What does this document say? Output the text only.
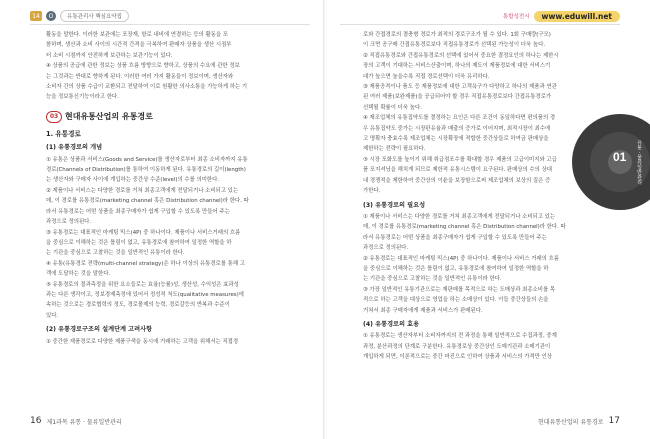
14	O	유통관리사 핵심요약집
활동을 말한다. 이러한 보관에는 포장재, 항로 내비에 연결하는 등의 활동을 포
함하며, 생산과 소비 사이의 시간적 간격을 극복하여 판매자 상품을 생산 시점부
터 소비 시점까지 안전하게 보관하는 보관기능이 있다.
④ 상품의 공급에 관한 정보는 상품 흐름 방향으로 향하고, 상품의 수요에 관한 정보
는 그것과는 반대로 향하게 된다. 이러한 여러 가지 활동들이 정보이며, 생산자와
소비자 간의 상품 수급이 교환되고 전달하여 이로 원활한 의사소통을 가능하게 하는 기
능을 정보통신기능이라고 한다.
03 현대유통산업의 유통경로
1. 유통경로
(1) 유통경로의 개념
① 유통은 상품과 서비스(Goods and Service)를 생산자로부터 최종 소비자까지 유통
경로(Channels of Distribution)를 통하여 이동하게 된다. 유통경로의 길이(length)
는 생산자와 구매자 사이에 개입하는 중간상 수준(level)의 수를 의미한다.
② 제품이나 서비스는 다양한 경로를 거쳐 최종고객에게 전달되거나 소비되고 있는
데, 이 경로를 유통경로(marketing channel 혹은 Distribution channel)라 한다. 따
라서 유통경로는 어떤 상품을 최종구매자가 쉽게 구입할 수 있도록 만들어 주는
과정으로 정의된다.
③ 유통경로는 대표적인 마케팅 믹스(4P) 중 하나이다. 제품이나 서비스거래의 흐름
을 중심으로 이해하는 것은 틀림이 없고, 유통경로에 참여하여 일정한 역할을 하
는 기관을 중심으로 고찰하는 것을 일반적인 유통이라 한다.
④ 유통(유통경로 전략(multi-channel strategy)은 하나 이상의 유통경로를 통해 고
객에 도달하는 것을 말한다.
⑤ 유통경로의 결과측정을 위한 요소들로는 효율(능률)성, 생산성, 수익성은 효과성
과는 다른 생각이고, 정보경제측정에 있어서 정성적 척도(qualitative measures)에
속하는 것으로는 경로협력의 정도, 경로몰제의 능력, 경로갈등의 반복과 수준이
있다.
(2) 유통경로구조의 설계단계 고려사항
① 중간한 제품경로로 다양한 제품구색을 동시에 거래하는 고객을 위해서는 직접경
16 제1과목 유통 · 물류일반관리
통합성전시	www.eduwill.net
로와 간접경로의 결충형 경로가 최적의 경로구조가 될 수 있다. 1회 구매량(구모)
이 크면 공구매 간접유통경로보다 직접유통경로가 선택된 가능성이 더욱 높다.
② 직접유통경로와 간접유통경로의 선택에 있어서 중요한 결정요인의 하나는 제한시
장의 고객이 기대하는 서비스산출이며, 하나의 제도이 제품정보에 대한 서비스기
대가 높으면 높을수록 직접 경로선택이 더욱 유리하다.
③ 제품공격이나 품도 등 제품정보에 대한 고객욕구가 다양하고 하나의 제품과 연관
된 여러 제품(보완제품)을 공급되어야 할 경우 직접유통경로보다 간접유통경로가
선택될 확률이 더욱 높다.
④ 제조업체의 유통집약도를 결정하는 요인은 다른 조건이 동일하다면 편의품의 경
우 유통집약도 중가는 시장판유율과 매출의 증가로 이어지며, 최적시장이 최수에
고 명확자 충효수록 제조업체는 시장확장에 적합한 중간상들로 하여금 판매상을
제한하는 전략이 필요하다.
⑤ 시장 포화도를 높이기 위해 취급점포수를 확대할 경우 제품의 고급이미지와 고급
품 포지셔닝을 해치게 되므로 제한적 유통시스템이 요구된다. 판매상의 수의 상대
내 경쟁적을 제한하여 중간상의 이윤을 보장함으로써 제조업체의 보상의 질은 증
가한다.
(3) 유통경로의 필요성
① 제품이나 서비스는 다양한 경로를 거쳐 최종고객에게 전달되거나 소비되고 있는
데, 이 경로를 유통경로(marketing channel 혹은 Distribution channel)라 한다. 따
라서 유통경로는 어떤 상품을 최종구매자가 쉽게 구입할 수 있도록 만들어 주는
과정으로 정의된다.
② 유통경로는 대표적인 마케팅 믹스(4P) 중 하나이다. 제품이나 서비스 거래의 흐름
을 중심으로 이해하는 것은 틀림이 없고, 유통경로에 참여하여 일정한 역할을 하
는 기관을 중심으로 고찰하는 것을 일반적인 유통이라 한다.
③ 가장 일반적인 유통기관으로는 재판매를 목적으로 하는 도매상과 최종소비를 목
적으로 하는 고객을 대상으로 영업을 하는 소매상이 있다. 이들 중간상들의 손을
거쳐서 최종 구매자에게 제품과 서비스가 판매된다.
(4) 유통경로의 효용
① 유통경로는 생산자부터 소비자까지의 전 과정을 통해 일반적으로 수집과정, 중계
과정, 분산과정의 단계로 구분한다. 유통경로상 중간상인 도매기관과 소매기관이
개입하게 되면, 이론적으로는 중간 마진으로 인하여 상품과 서비스의 가격만 인상
현대유통산업의 유통경로 17
01 유통 · 물류일반관리
